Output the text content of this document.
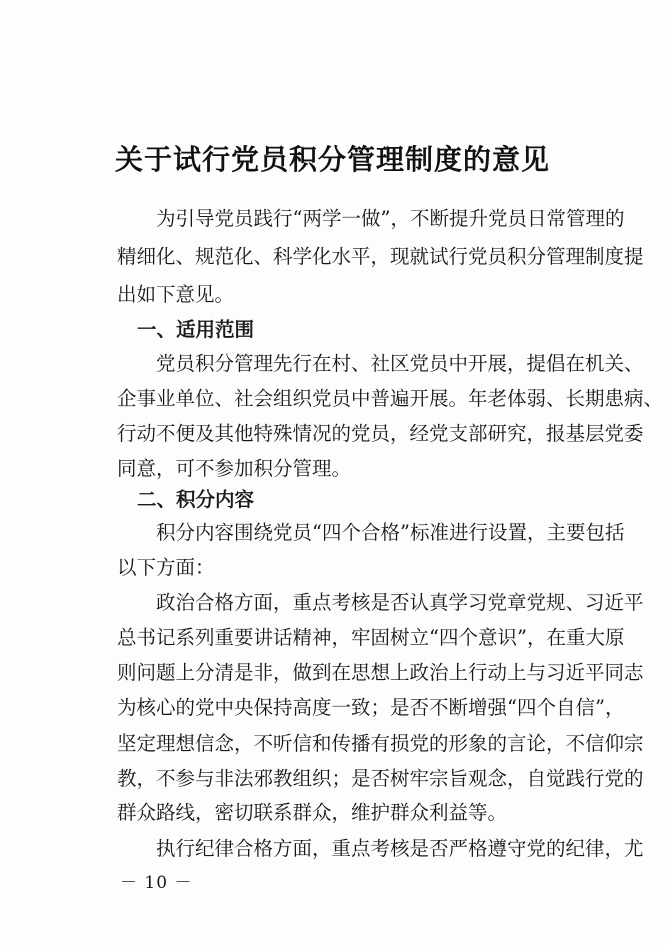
关于试行党员积分管理制度的意见
为引导党员践行“两学一做”，不断提升党员日常管理的
精细化、规范化、科学化水平，现就试行党员积分管理制度提
出如下意见。
一、适用范围
党员积分管理先行在村、社区党员中开展，提倡在机关、
企事业单位、社会组织党员中普遍开展。年老体弱、长期患病、
行动不便及其他特殊情况的党员，经党支部研究，报基层党委
同意，可不参加积分管理。
二、积分内容
积分内容围绕党员“四个合格”标准进行设置，主要包括
以下方面：
政治合格方面，重点考核是否认真学习党章党规、习近平
总书记系列重要讲话精神，牢固树立“四个意识”，在重大原
则问题上分清是非，做到在思想上政治上行动上与习近平同志
为核心的党中央保持高度一致；是否不断增强“四个自信”，
坚定理想信念，不听信和传播有损党的形象的言论，不信仰宗
教，不参与非法邪教组织；是否树牢宗旨观念，自觉践行党的
群众路线，密切联系群众，维护群众利益等。
执行纪律合格方面，重点考核是否严格遵守党的纪律，尤
－ 10 －
